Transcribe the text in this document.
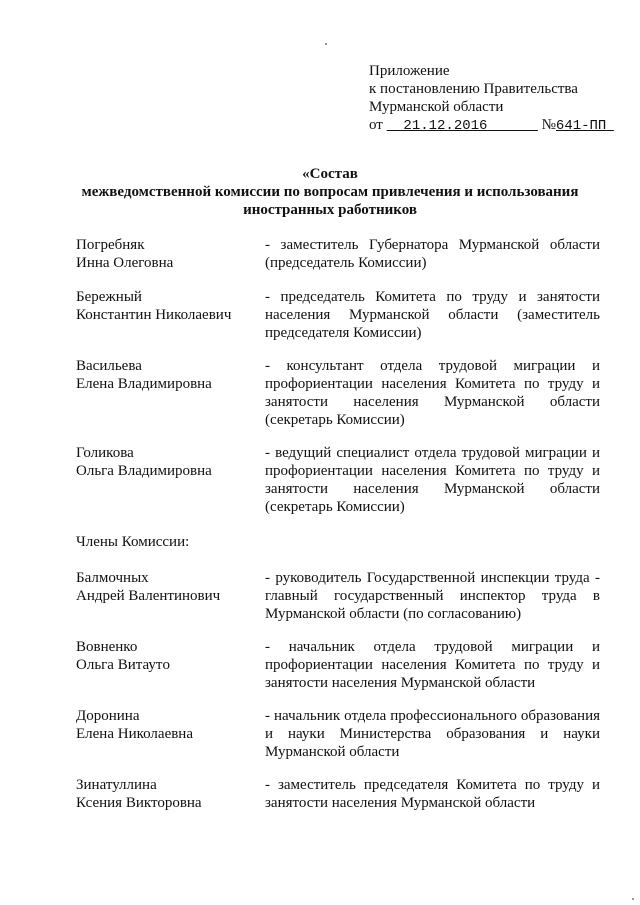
Приложение
к постановлению Правительства
Мурманской области
от 21.12.2016	№641-ПП
«Состав
межведомственной комиссии по вопросам привлечения и использования
иностранных работников
Погребняк
Инна Олеговна
- заместитель Губернатора Мурманской области (председатель Комиссии)
Бережный
Константин Николаевич
- председатель Комитета по труду и занятости населения Мурманской области (заместитель председателя Комиссии)
Васильева
Елена Владимировна
- консультант отдела трудовой миграции и профориентации населения Комитета по труду и занятости населения Мурманской области (секретарь Комиссии)
Голикова
Ольга Владимировна
- ведущий специалист отдела трудовой миграции и профориентации населения Комитета по труду и занятости населения Мурманской области (секретарь Комиссии)
Члены Комиссии:
Балмочных
Андрей Валентинович
- руководитель Государственной инспекции труда - главный государственный инспектор труда в Мурманской области (по согласованию)
Вовненко
Ольга Витаутo
- начальник отдела трудовой миграции и профориентации населения Комитета по труду и занятости населения Мурманской области
Доронина
Елена Николаевна
- начальник отдела профессионального образования и науки Министерства образования и науки Мурманской области
Зинатуллина
Ксения Викторовна
- заместитель председателя Комитета по труду и занятости населения Мурманской области
